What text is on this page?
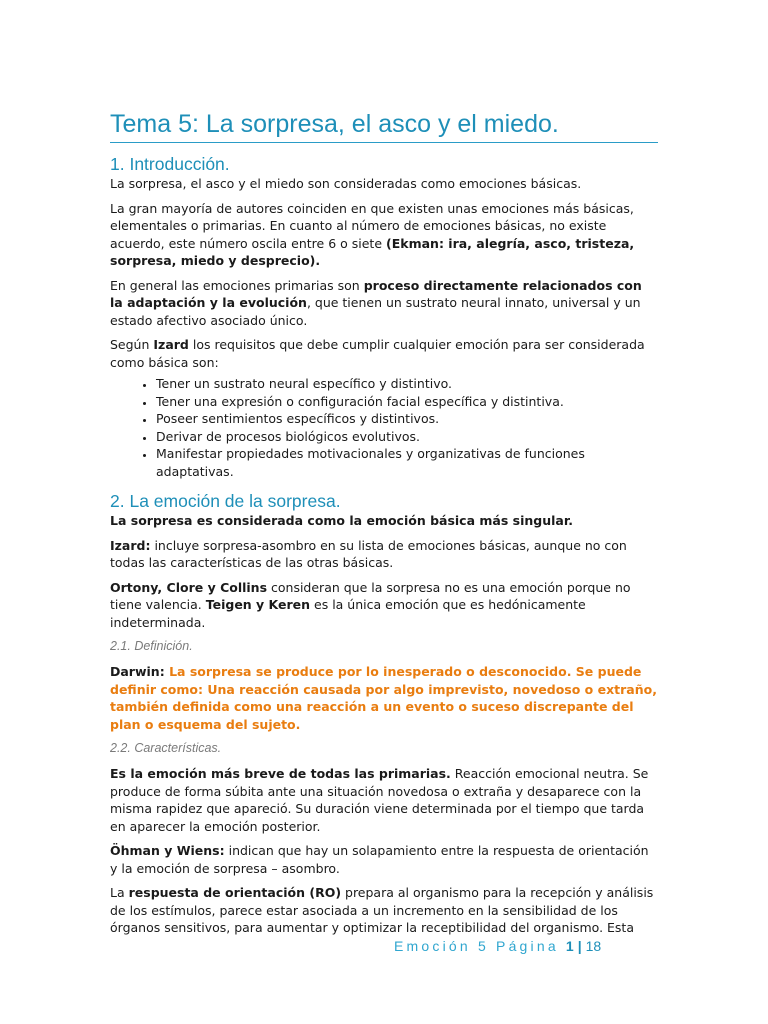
Tema 5: La sorpresa, el asco y el miedo.
1. Introducción.

La sorpresa, el asco y el miedo son consideradas como emociones básicas.

La gran mayoría de autores coinciden en que existen unas emociones más básicas, elementales o primarias. En cuanto al número de emociones básicas, no existe acuerdo, este número oscila entre 6 o siete (Ekman: ira, alegría, asco, tristeza, sorpresa, miedo y desprecio).

En general las emociones primarias son proceso directamente relacionados con la adaptación y la evolución, que tienen un sustrato neural innato, universal y un estado afectivo asociado único.

Según Izard los requisitos que debe cumplir cualquier emoción para ser considerada como básica son:

• Tener un sustrato neural específico y distintivo.
• Tener una expresión o configuración facial específica y distintiva.
• Poseer sentimientos específicos y distintivos.
• Derivar de procesos biológicos evolutivos.
• Manifestar propiedades motivacionales y organizativas de funciones adaptativas.
2. La emoción de la sorpresa.

La sorpresa es considerada como la emoción básica más singular.

Izard: incluye sorpresa-asombro en su lista de emociones básicas, aunque no con todas las características de las otras básicas.

Ortony, Clore y Collins consideran que la sorpresa no es una emoción porque no tiene valencia. Teigen y Keren es la única emoción que es hedónicamente indeterminada.

2.1. Definición.

Darwin: La sorpresa se produce por lo inesperado o desconocido. Se puede definir como: Una reacción causada por algo imprevisto, novedoso o extraño, también definida como una reacción a un evento o suceso discrepante del plan o esquema del sujeto.

2.2. Características.

Es la emoción más breve de todas las primarias. Reacción emocional neutra. Se produce de forma súbita ante una situación novedosa o extraña y desaparece con la misma rapidez que apareció. Su duración viene determinada por el tiempo que tarda en aparecer la emoción posterior.

Öhman y Wiens: indican que hay un solapamiento entre la respuesta de orientación y la emoción de sorpresa – asombro.

La respuesta de orientación (RO) prepara al organismo para la recepción y análisis de los estímulos, parece estar asociada a un incremento en la sensibilidad de los órganos sensitivos, para aumentar y optimizar la receptibilidad del organismo. Esta

Emoción 5 Página 1 | 18
